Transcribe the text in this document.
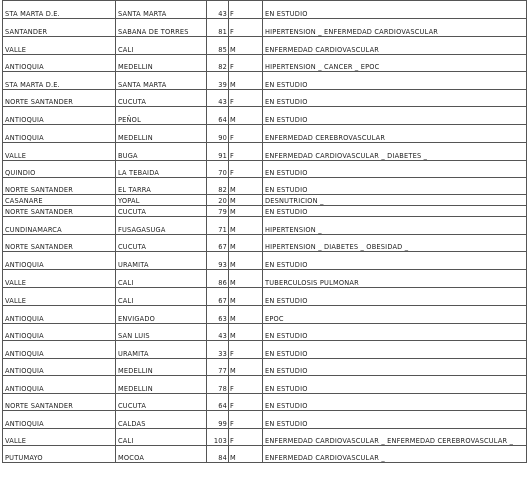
STA MARTA D.E.	SANTA MARTA	43	F	EN ESTUDIO
SANTANDER	SABANA DE TORRES	81	F	HIPERTENSION _ ENFERMEDAD CARDIOVASCULAR
VALLE	CALI	85	M	ENFERMEDAD CARDIOVASCULAR
ANTIOQUIA	MEDELLIN	82	F	HIPERTENSION _ CANCER _ EPOC
STA MARTA D.E.	SANTA MARTA	39	M	EN ESTUDIO
NORTE SANTANDER	CUCUTA	43	F	EN ESTUDIO
ANTIOQUIA	PEÑOL	64	M	EN ESTUDIO
ANTIOQUIA	MEDELLIN	90	F	ENFERMEDAD CEREBROVASCULAR
VALLE	BUGA	91	F	ENFERMEDAD CARDIOVASCULAR _ DIABETES _
QUINDIO	LA TEBAIDA	70	F	EN ESTUDIO
NORTE SANTANDER	EL TARRA	82	M	EN ESTUDIO
CASANARE	YOPAL	20	M	DESNUTRICION _
NORTE SANTANDER	CUCUTA	79	M	EN ESTUDIO
CUNDINAMARCA	FUSAGASUGA	71	M	HIPERTENSION _
NORTE SANTANDER	CUCUTA	67	M	HIPERTENSION _ DIABETES _ OBESIDAD _
ANTIOQUIA	URAMITA	93	M	EN ESTUDIO
VALLE	CALI	86	M	TUBERCULOSIS PULMONAR
VALLE	CALI	67	M	EN ESTUDIO
ANTIOQUIA	ENVIGADO	63	M	EPOC
ANTIOQUIA	SAN LUIS	43	M	EN ESTUDIO
ANTIOQUIA	URAMITA	33	F	EN ESTUDIO
ANTIOQUIA	MEDELLIN	77	M	EN ESTUDIO
ANTIOQUIA	MEDELLIN	78	F	EN ESTUDIO
NORTE SANTANDER	CUCUTA	64	F	EN ESTUDIO
ANTIOQUIA	CALDAS	99	F	EN ESTUDIO
VALLE	CALI	103	F	ENFERMEDAD CARDIOVASCULAR _ ENFERMEDAD CEREBROVASCULAR _
PUTUMAYO	MOCOA	84	M	ENFERMEDAD CARDIOVASCULAR _
